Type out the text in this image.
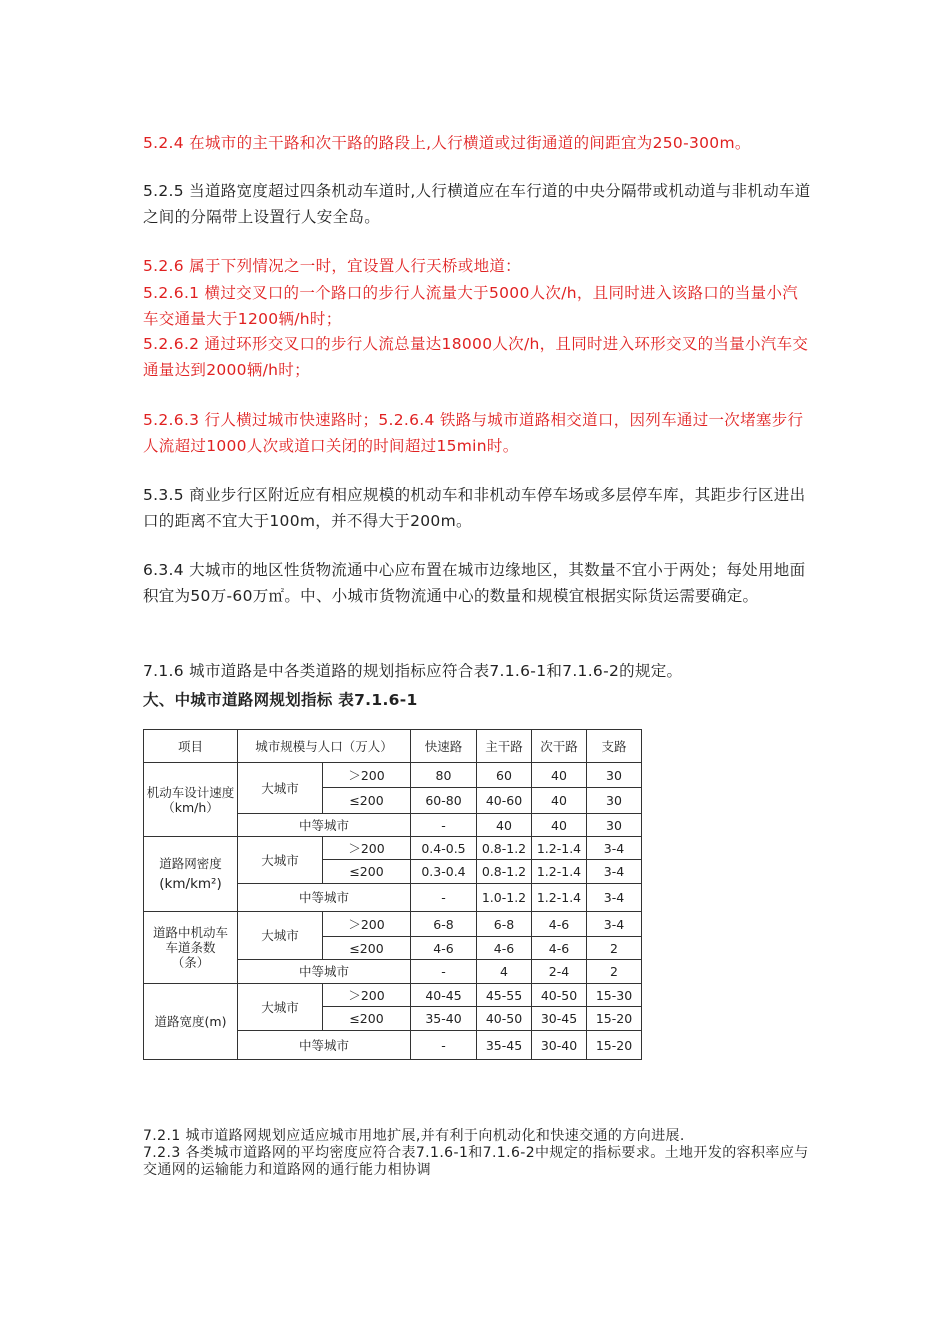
5.2.4 在城市的主干路和次干路的路段上,人行横道或过街通道的间距宜为250-300m。
5.2.5 当道路宽度超过四条机动车道时,人行横道应在车行道的中央分隔带或机动道与非机动车道之间的分隔带上设置行人安全岛。
5.2.6 属于下列情况之一时，宜设置人行天桥或地道：
5.2.6.1 横过交叉口的一个路口的步行人流量大于5000人次/h，且同时进入该路口的当量小汽车交通量大于1200辆/h时；
5.2.6.2 通过环形交叉口的步行人流总量达18000人次/h，且同时进入环形交叉的当量小汽车交通量达到2000辆/h时；
5.2.6.3 行人横过城市快速路时；5.2.6.4 铁路与城市道路相交道口，因列车通过一次堵塞步行人流超过1000人次或道口关闭的时间超过15min时。
5.3.5 商业步行区附近应有相应规模的机动车和非机动车停车场或多层停车库，其距步行区进出口的距离不宜大于100m，并不得大于200m。
6.3.4 大城市的地区性货物流通中心应布置在城市边缘地区，其数量不宜小于两处；每处用地面积宜为50万-60万㎡。中、小城市货物流通中心的数量和规模宜根据实际货运需要确定。
7.1.6 城市道路是中各类道路的规划指标应符合表7.1.6-1和7.1.6-2的规定。
大、中城市道路网规划指标 表7.1.6-1
项目	城市规模与人口（万人）		快速路	主干路	次干路	支路
机动车设计速度（km/h）	大城市	＞200	80	60	40	30
		≤200	60-80	40-60	40	30
	中等城市		-	40	40	30

道路网密度
(km/km²)	大城市	＞200	0.4-0.5	0.8-1.2	1.2-1.4	3-4
		≤200	0.3-0.4	0.8-1.2	1.2-1.4	3-4
	中等城市		-	1.0-1.2	1.2-1.4	3-4
道路中机动车车道条数（条）	大城市	＞200	6-8	6-8	4-6	3-4
		≤200	4-6	4-6	4-6	2
	中等城市		-	4	2-4	2
道路宽度(m)	大城市	＞200	40-45	45-55	40-50	15-30
		≤200	35-40	40-50	30-45	15-20
	中等城市		-	35-45	30-40	15-20
7.2.1 城市道路网规划应适应城市用地扩展,并有利于向机动化和快速交通的方向进展.
7.2.3 各类城市道路网的平均密度应符合表7.1.6-1和7.1.6-2中规定的指标要求。土地开发的容积率应与交通网的运输能力和道路网的通行能力相协调
